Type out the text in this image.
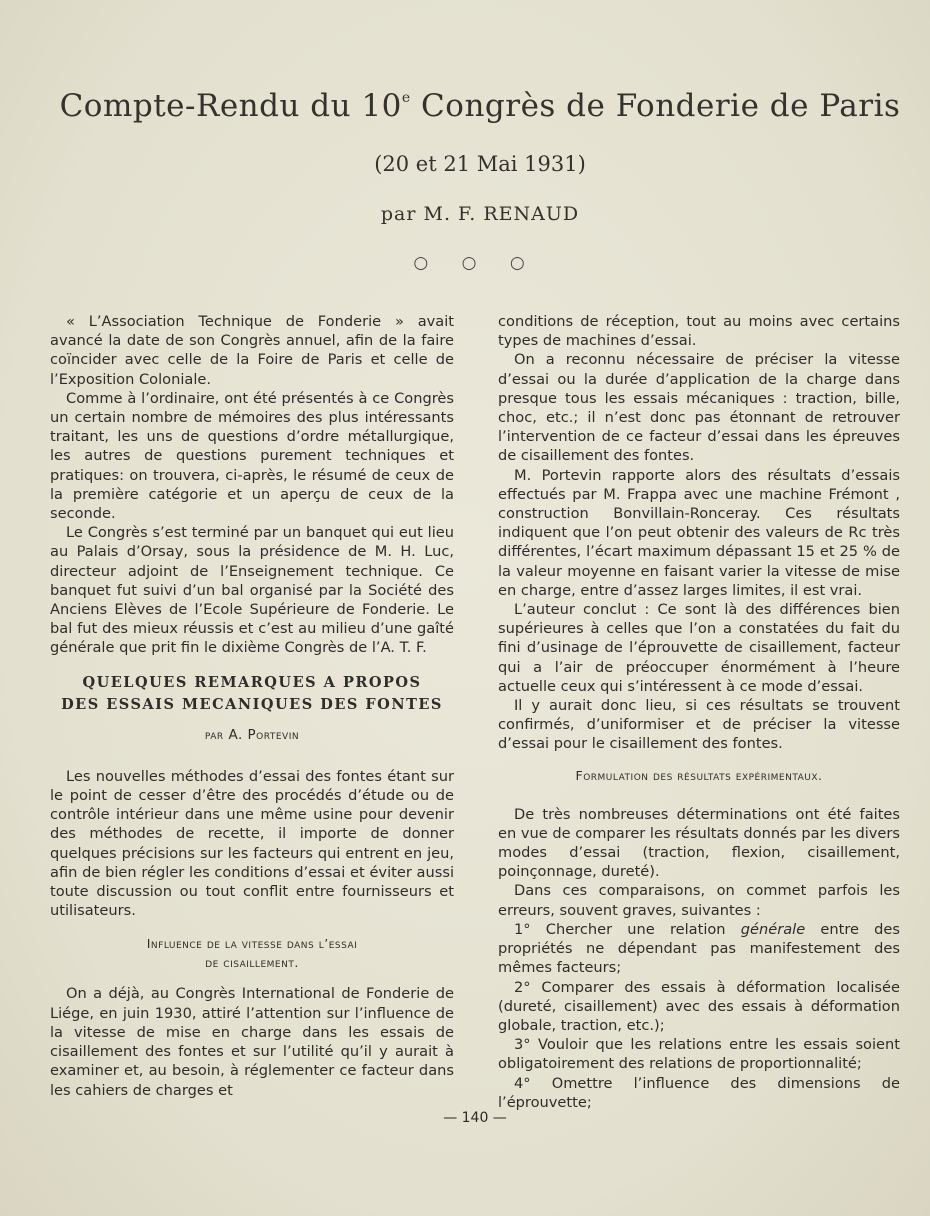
Compte-Rendu du 10e Congrès de Fonderie de Paris
(20 et 21 Mai 1931)
par M. F. RENAUD
○ ○ ○

« L’Association Technique de Fonderie » avait avancé la date de son Congrès annuel, afin de la faire coïncider avec celle de la Foire de Paris et celle de l’Exposition Coloniale.

Comme à l’ordinaire, ont été présentés à ce Congrès un certain nombre de mémoires des plus intéressants traitant, les uns de questions d’ordre métallurgique, les autres de questions purement techniques et pratiques: on trouvera, ci-après, le résumé de ceux de la première catégorie et un aperçu de ceux de la seconde.

Le Congrès s’est terminé par un banquet qui eut lieu au Palais d’Orsay, sous la présidence de M. H. Luc, directeur adjoint de l’Enseignement technique. Ce banquet fut suivi d’un bal organisé par la Société des Anciens Elèves de l’Ecole Supérieure de Fonderie. Le bal fut des mieux réussis et c’est au milieu d’une gaîté générale que prit fin le dixième Congrès de l’A. T. F.

QUELQUES REMARQUES A PROPOS
DES ESSAIS MECANIQUES DES FONTES
par A. Portevin

Les nouvelles méthodes d’essai des fontes étant sur le point de cesser d’être des procédés d’étude ou de contrôle intérieur dans une même usine pour devenir des méthodes de recette, il importe de donner quelques précisions sur les facteurs qui entrent en jeu, afin de bien régler les conditions d’essai et éviter aussi toute discussion ou tout conflit entre fournisseurs et utilisateurs.

Influence de la vitesse dans l’essai
de cisaillement.

On a déjà, au Congrès International de Fonderie de Liége, en juin 1930, attiré l’attention sur l’influence de la vitesse de mise en charge dans les essais de cisaillement des fontes et sur l’utilité qu’il y aurait à examiner et, au besoin, à réglementer ce facteur dans les cahiers de charges et

conditions de réception, tout au moins avec certains types de machines d’essai.

On a reconnu nécessaire de préciser la vitesse d’essai ou la durée d’application de la charge dans presque tous les essais mécaniques : traction, bille, choc, etc.; il n’est donc pas étonnant de retrouver l’intervention de ce facteur d’essai dans les épreuves de cisaillement des fontes.

M. Portevin rapporte alors des résultats d’essais effectués par M. Frappa avec une machine Frémont , construction Bonvillain-Ronceray. Ces résultats indiquent que l’on peut obtenir des valeurs de Rc très différentes, l’écart maximum dépassant 15 et 25 % de la valeur moyenne en faisant varier la vitesse de mise en charge, entre d’assez larges limites, il est vrai.

L’auteur conclut : Ce sont là des différences bien supérieures à celles que l’on a constatées du fait du fini d’usinage de l’éprouvette de cisaillement, facteur qui a l’air de préoccuper énormément à l’heure actuelle ceux qui s’intéressent à ce mode d’essai.

Il y aurait donc lieu, si ces résultats se trouvent confirmés, d’uniformiser et de préciser la vitesse d’essai pour le cisaillement des fontes.

Formulation des résultats expérimentaux.

De très nombreuses déterminations ont été faites en vue de comparer les résultats donnés par les divers modes d’essai (traction, flexion, cisaillement, poinçonnage, dureté).

Dans ces comparaisons, on commet parfois les erreurs, souvent graves, suivantes :

1° Chercher une relation générale entre des propriétés ne dépendant pas manifestement des mêmes facteurs;

2° Comparer des essais à déformation localisée (dureté, cisaillement) avec des essais à déformation globale, traction, etc.);

3° Vouloir que les relations entre les essais soient obligatoirement des relations de proportionnalité;

4° Omettre l’influence des dimensions de l’éprouvette;

— 140 —
